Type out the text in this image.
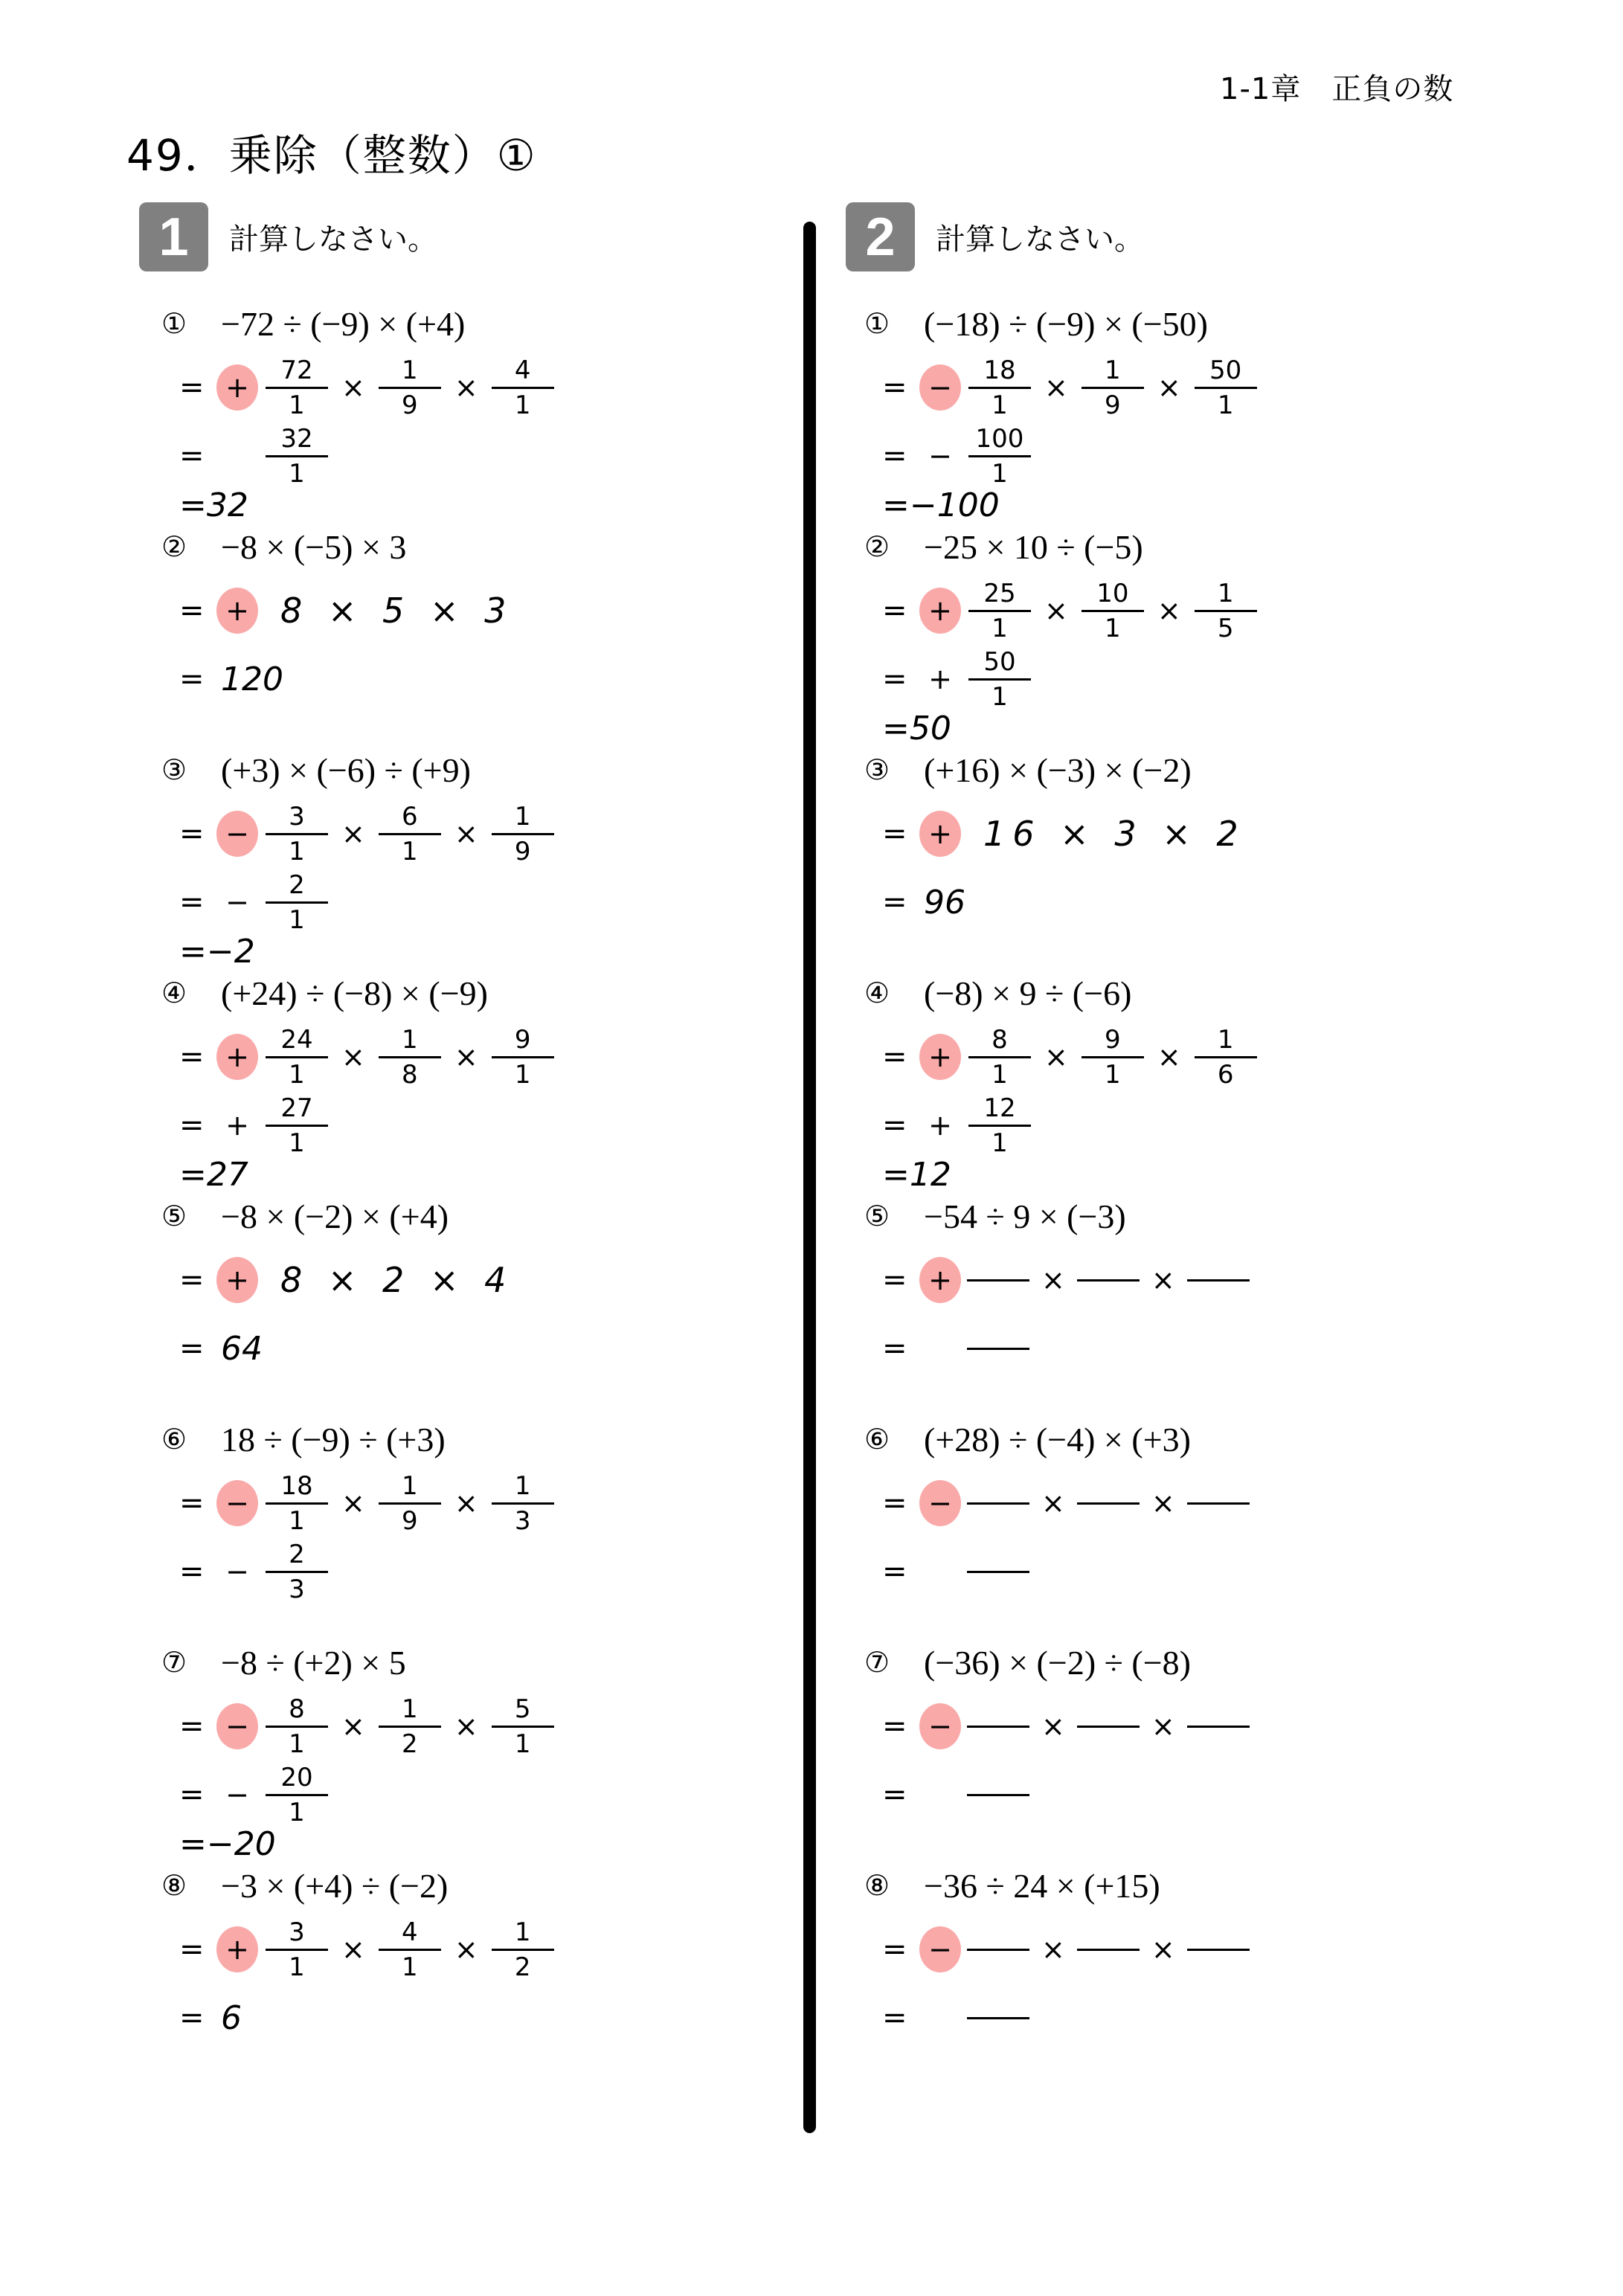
1-1章　正負の数
49．乗除（整数）①
1	計算しなさい。	2	計算しなさい。
① −72 ÷ (−9) × (+4)
= + $\frac{72}{1} \times \frac{1}{9} \times \frac{4}{1}$
=	$\frac{32}{1}$
=32
② −8 × (−5) × 3
= + 8 × 5 × 3
= 120
③ (+3) × (−6) ÷ (+9)
= − $\frac{3}{1} \times \frac{6}{1} \times \frac{1}{9}$
= − $\frac{2}{1}$
=−2
④ (+24) ÷ (−8) × (−9)
= + $\frac{24}{1} \times \frac{1}{8} \times \frac{9}{1}$
= + $\frac{27}{1}$
=27
⑤ −8 × (−2) × (+4)
= + 8 × 2 × 4
= 64
⑥ 18 ÷ (−9) ÷ (+3)
= − $\frac{18}{1} \times \frac{1}{9} \times \frac{1}{3}$
= − $\frac{2}{3}$
⑦ −8 ÷ (+2) × 5
= − $\frac{8}{1} \times \frac{1}{2} \times \frac{5}{1}$
= − $\frac{20}{1}$
=−20
⑧ −3 × (+4) ÷ (−2)
= + $\frac{3}{1} \times \frac{4}{1} \times \frac{1}{2}$
= 6
① (−18) ÷ (−9) × (−50)
= − $\frac{18}{1} \times \frac{1}{9} \times \frac{50}{1}$
= − $\frac{100}{1}$
=−100
② −25 × 10 ÷ (−5)
= + $\frac{25}{1} \times \frac{10}{1} \times \frac{1}{5}$
= + $\frac{50}{1}$
=50
③ (+16) × (−3) × (−2)
= + 16 × 3 × 2
= 96
④ (−8) × 9 ÷ (−6)
= + $\frac{8}{1} \times \frac{9}{1} \times \frac{1}{6}$
= + $\frac{12}{1}$
=12
⑤ −54 ÷ 9 × (−3)
= +	×	×
=
⑥ (+28) ÷ (−4) × (+3)
= −	×	×
=
⑦ (−36) × (−2) ÷ (−8)
= −	×	×
=
⑧ −36 ÷ 24 × (+15)
= −	×	×
=
